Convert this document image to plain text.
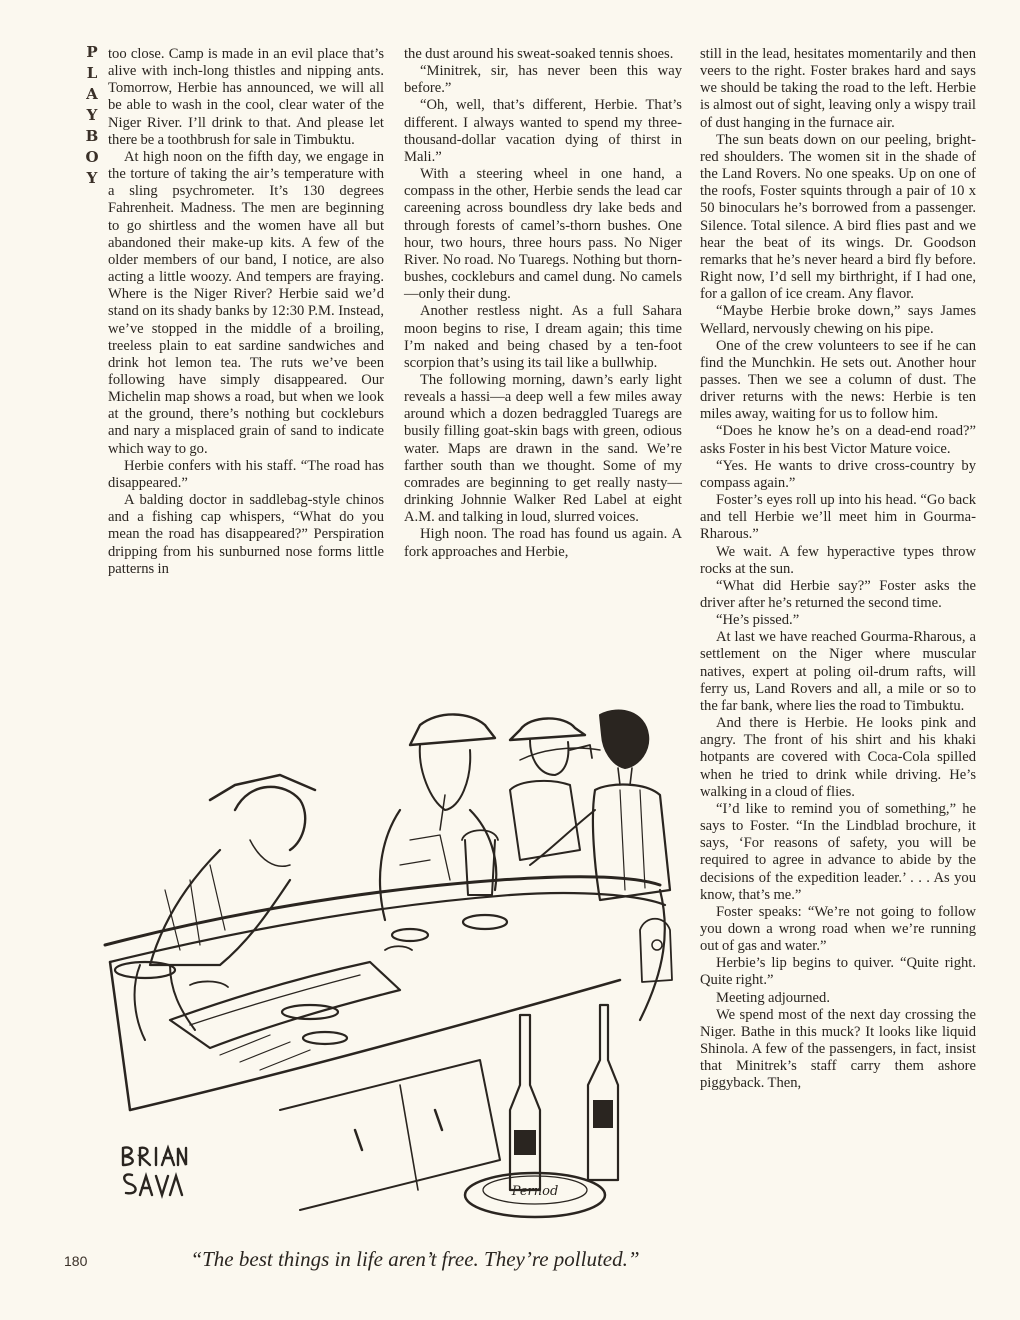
P
L
A
Y
B
O
Y

too close. Camp is made in an evil place that’s alive with inch-long thistles and nipping ants. Tomorrow, Herbie has announced, we will all be able to wash in the cool, clear water of the Niger River. I’ll drink to that. And please let there be a toothbrush for sale in Timbuktu.

At high noon on the fifth day, we engage in the torture of taking the air’s temperature with a sling psychrometer. It’s 130 degrees Fahrenheit. Madness. The men are beginning to go shirtless and the women have all but abandoned their make-up kits. A few of the older members of our band, I notice, are also acting a little woozy. And tempers are fraying. Where is the Niger River? Herbie said we’d stand on its shady banks by 12:30 P.M. Instead, we’ve stopped in the middle of a broiling, treeless plain to eat sardine sandwiches and drink hot lemon tea. The ruts we’ve been following have simply disappeared. Our Michelin map shows a road, but when we look at the ground, there’s nothing but cockleburs and nary a misplaced grain of sand to indicate which way to go.

Herbie confers with his staff. “The road has disappeared.”

A balding doctor in saddlebag-style chinos and a fishing cap whispers, “What do you mean the road has disappeared?” Perspiration dripping from his sunburned nose forms little patterns in

the dust around his sweat-soaked tennis shoes.

“Minitrek, sir, has never been this way before.”

“Oh, well, that’s different, Herbie. That’s different. I always wanted to spend my three-thousand-dollar vacation dying of thirst in Mali.”

With a steering wheel in one hand, a compass in the other, Herbie sends the lead car careening across boundless dry lake beds and through forests of camel’s-thorn bushes. One hour, two hours, three hours pass. No Niger River. No road. No Tuaregs. Nothing but thorn-bushes, cockleburs and camel dung. No camels—only their dung.

Another restless night. As a full Sahara moon begins to rise, I dream again; this time I’m naked and being chased by a ten-foot scorpion that’s using its tail like a bullwhip.

The following morning, dawn’s early light reveals a hassi—a deep well a few miles away around which a dozen bedraggled Tuaregs are busily filling goat-skin bags with green, odious water. Maps are drawn in the sand. We’re farther south than we thought. Some of my comrades are beginning to get really nasty—drinking Johnnie Walker Red Label at eight A.M. and talking in loud, slurred voices.

High noon. The road has found us again. A fork approaches and Herbie,

still in the lead, hesitates momentarily and then veers to the right. Foster brakes hard and says we should be taking the road to the left. Herbie is almost out of sight, leaving only a wispy trail of dust hanging in the furnace air.

The sun beats down on our peeling, bright-red shoulders. The women sit in the shade of the Land Rovers. No one speaks. Up on one of the roofs, Foster squints through a pair of 10 x 50 binoculars he’s borrowed from a passenger. Silence. Total silence. A bird flies past and we hear the beat of its wings. Dr. Goodson remarks that he’s never heard a bird fly before. Right now, I’d sell my birthright, if I had one, for a gallon of ice cream. Any flavor.

“Maybe Herbie broke down,” says James Wellard, nervously chewing on his pipe.

One of the crew volunteers to see if he can find the Munchkin. He sets out. Another hour passes. Then we see a column of dust. The driver returns with the news: Herbie is ten miles away, waiting for us to follow him.

“Does he know he’s on a dead-end road?” asks Foster in his best Victor Mature voice.

“Yes. He wants to drive cross-country by compass again.”

Foster’s eyes roll up into his head. “Go back and tell Herbie we’ll meet him in Gourma-Rharous.”

We wait. A few hyperactive types throw rocks at the sun.

“What did Herbie say?” Foster asks the driver after he’s returned the second time.

“He’s pissed.”

At last we have reached Gourma-Rharous, a settlement on the Niger where muscular natives, expert at poling oil-drum rafts, will ferry us, Land Rovers and all, a mile or so to the far bank, where lies the road to Timbuktu.

And there is Herbie. He looks pink and angry. The front of his shirt and his khaki hotpants are covered with Coca-Cola spilled when he tried to drink while driving. He’s walking in a cloud of flies.

“I’d like to remind you of something,” he says to Foster. “In the Lindblad brochure, it says, ‘For reasons of safety, you will be required to agree in advance to abide by the decisions of the expedition leader.’ . . . As you know, that’s me.”

Foster speaks: “We’re not going to follow you down a wrong road when we’re running out of gas and water.”

Herbie’s lip begins to quiver. “Quite right. Quite right.”

Meeting adjourned.

We spend most of the next day crossing the Niger. Bathe in this muck? It looks like liquid Shinola. A few of the passengers, in fact, insist that Minitrek’s staff carry them ashore piggyback. Then,

Pernod
“The best things in life aren’t free. They’re polluted.”
180
